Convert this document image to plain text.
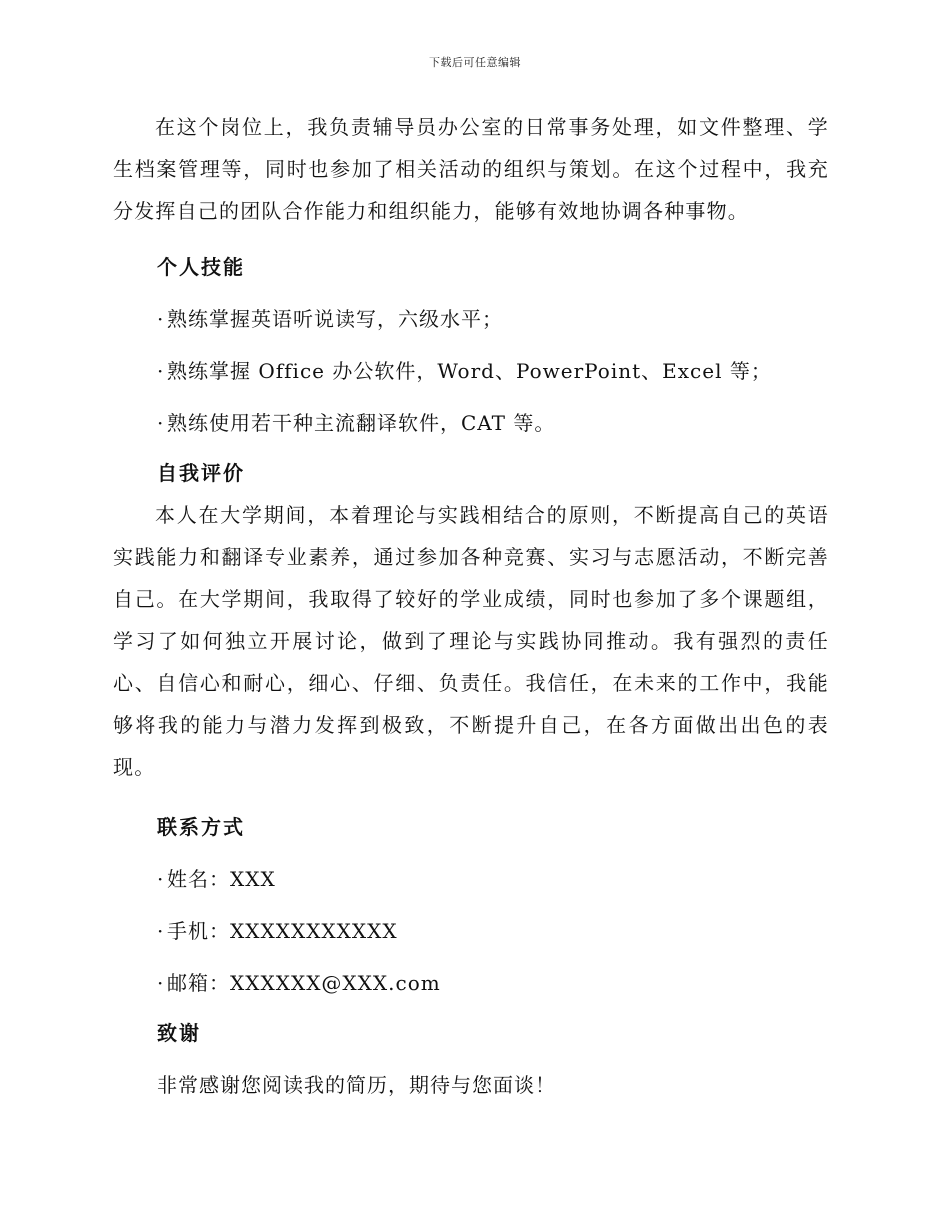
下载后可任意编辑

在这个岗位上，我负责辅导员办公室的日常事务处理，如文件整理、学生档案管理等，同时也参加了相关活动的组织与策划。在这个过程中，我充分发挥自己的团队合作能力和组织能力，能够有效地协调各种事物。

个人技能
· 熟练掌握英语听说读写，六级水平；
· 熟练掌握 Office 办公软件，Word、PowerPoint、Excel 等；
· 熟练使用若干种主流翻译软件，CAT 等。
自我评价

本人在大学期间，本着理论与实践相结合的原则，不断提高自己的英语实践能力和翻译专业素养，通过参加各种竞赛、实习与志愿活动，不断完善自己。在大学期间，我取得了较好的学业成绩，同时也参加了多个课题组，学习了如何独立开展讨论，做到了理论与实践协同推动。我有强烈的责任心、自信心和耐心，细心、仔细、负责任。我信任，在未来的工作中，我能够将我的能力与潜力发挥到极致，不断提升自己，在各方面做出出色的表现。

联系方式
· 姓名：XXX
· 手机：XXXXXXXXXXX
· 邮箱：XXXXXX@XXX.com
致谢
非常感谢您阅读我的简历，期待与您面谈！
